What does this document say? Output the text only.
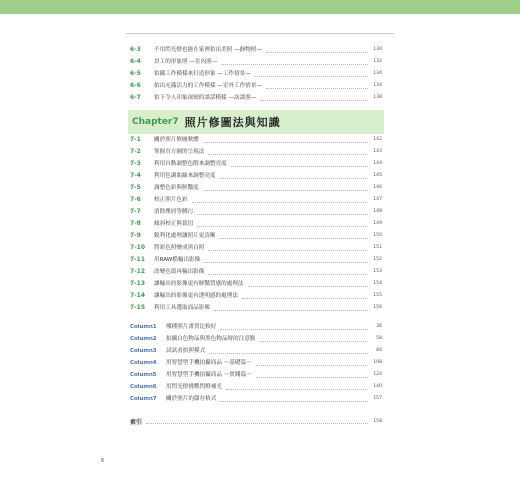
6-3	不用閃光燈也能在家裡拍出美照 —靜物照—	130
6-4	員工的形象照 —室內照—	132
6-5	拍攝工作模樣來打造形象 —工作情景—	134
6-6	拍出充滿活力的工作模樣 —室外工作情景—	134
6-7	拍下令人印象深刻的談話模樣 —訪談照—	138
Chapter7 照片修圖法與知識
7-1	關於照片修圖軟體	142
7-2	掌握直方圖的呈現法	143
7-3	利用自動調整色階來調整亮度	144
7-4	利用色調曲線來調整亮度	145
7-5	調整色彩與鮮豔度	146
7-6	校正照片色彩	147
7-7	消除塵屑等髒污	148
7-8	傾斜校正與裁切	149
7-9	銳利化處理讓照片更清晰	150
7-10	將彩色照變成黑白照	151
7-11	用RAW檔輸出影像	152
7-12	改變色溫再輸出影像	153
7-13	讓輸出的影像更有鮮豔質感的處理法	154
7-14	讓輸出的影像更有透明感的處理法	155
7-15	利用工具選取商品影像	156
Column1	哪種照片畫質比較好	36
Column2	拍攝白色物品與黑色物品時的注意點	58
Column3	試試看拍照模式	84
Column4	用智慧型手機拍攝商品 ～基礎篇～	108
Column5	用智慧型手機拍攝商品 ～實踐篇～	124
Column6	用閃光燈挑戰閃燈補光	140
Column7	關於照片的儲存格式	157
索引	158
6
